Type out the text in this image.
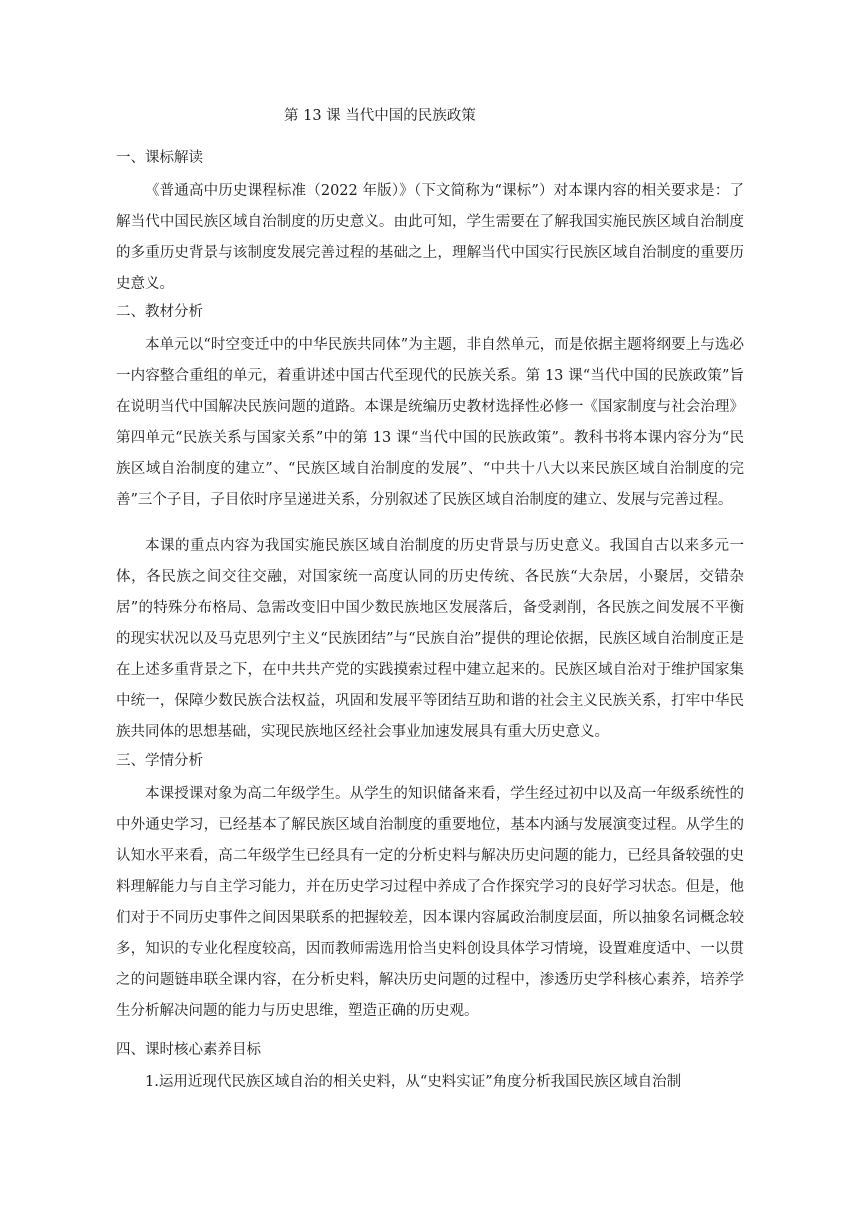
第 13 课 当代中国的民族政策
一、课标解读

《普通高中历史课程标准（2022 年版）》（下文简称为“课标”）对本课内容的相关要求是：了解当代中国民族区域自治制度的历史意义。由此可知，学生需要在了解我国实施民族区域自治制度的多重历史背景与该制度发展完善过程的基础之上，理解当代中国实行民族区域自治制度的重要历史意义。

二、教材分析

本单元以“时空变迁中的中华民族共同体”为主题，非自然单元，而是依据主题将纲要上与选必一内容整合重组的单元，着重讲述中国古代至现代的民族关系。第 13 课“当代中国的民族政策”旨在说明当代中国解决民族问题的道路。本课是统编历史教材选择性必修一《国家制度与社会治理》第四单元“民族关系与国家关系”中的第 13 课“当代中国的民族政策”。教科书将本课内容分为“民族区域自治制度的建立”、“民族区域自治制度的发展”、“中共十八大以来民族区域自治制度的完善”三个子目，子目依时序呈递进关系，分别叙述了民族区域自治制度的建立、发展与完善过程。

本课的重点内容为我国实施民族区域自治制度的历史背景与历史意义。我国自古以来多元一体，各民族之间交往交融，对国家统一高度认同的历史传统、各民族“大杂居，小聚居，交错杂居”的特殊分布格局、急需改变旧中国少数民族地区发展落后，备受剥削，各民族之间发展不平衡的现实状况以及马克思列宁主义“民族团结”与“民族自治”提供的理论依据，民族区域自治制度正是在上述多重背景之下，在中共共产党的实践摸索过程中建立起来的。民族区域自治对于维护国家集中统一，保障少数民族合法权益，巩固和发展平等团结互助和谐的社会主义民族关系，打牢中华民族共同体的思想基础，实现民族地区经社会事业加速发展具有重大历史意义。

三、学情分析

本课授课对象为高二年级学生。从学生的知识储备来看，学生经过初中以及高一年级系统性的中外通史学习，已经基本了解民族区域自治制度的重要地位，基本内涵与发展演变过程。从学生的认知水平来看，高二年级学生已经具有一定的分析史料与解决历史问题的能力，已经具备较强的史料理解能力与自主学习能力，并在历史学习过程中养成了合作探究学习的良好学习状态。但是，他们对于不同历史事件之间因果联系的把握较差，因本课内容属政治制度层面，所以抽象名词概念较多，知识的专业化程度较高，因而教师需选用恰当史料创设具体学习情境，设置难度适中、一以贯之的问题链串联全课内容，在分析史料，解决历史问题的过程中，渗透历史学科核心素养，培养学生分析解决问题的能力与历史思维，塑造正确的历史观。

四、课时核心素养目标

1.运用近现代民族区域自治的相关史料，从“史料实证”角度分析我国民族区域自治制
